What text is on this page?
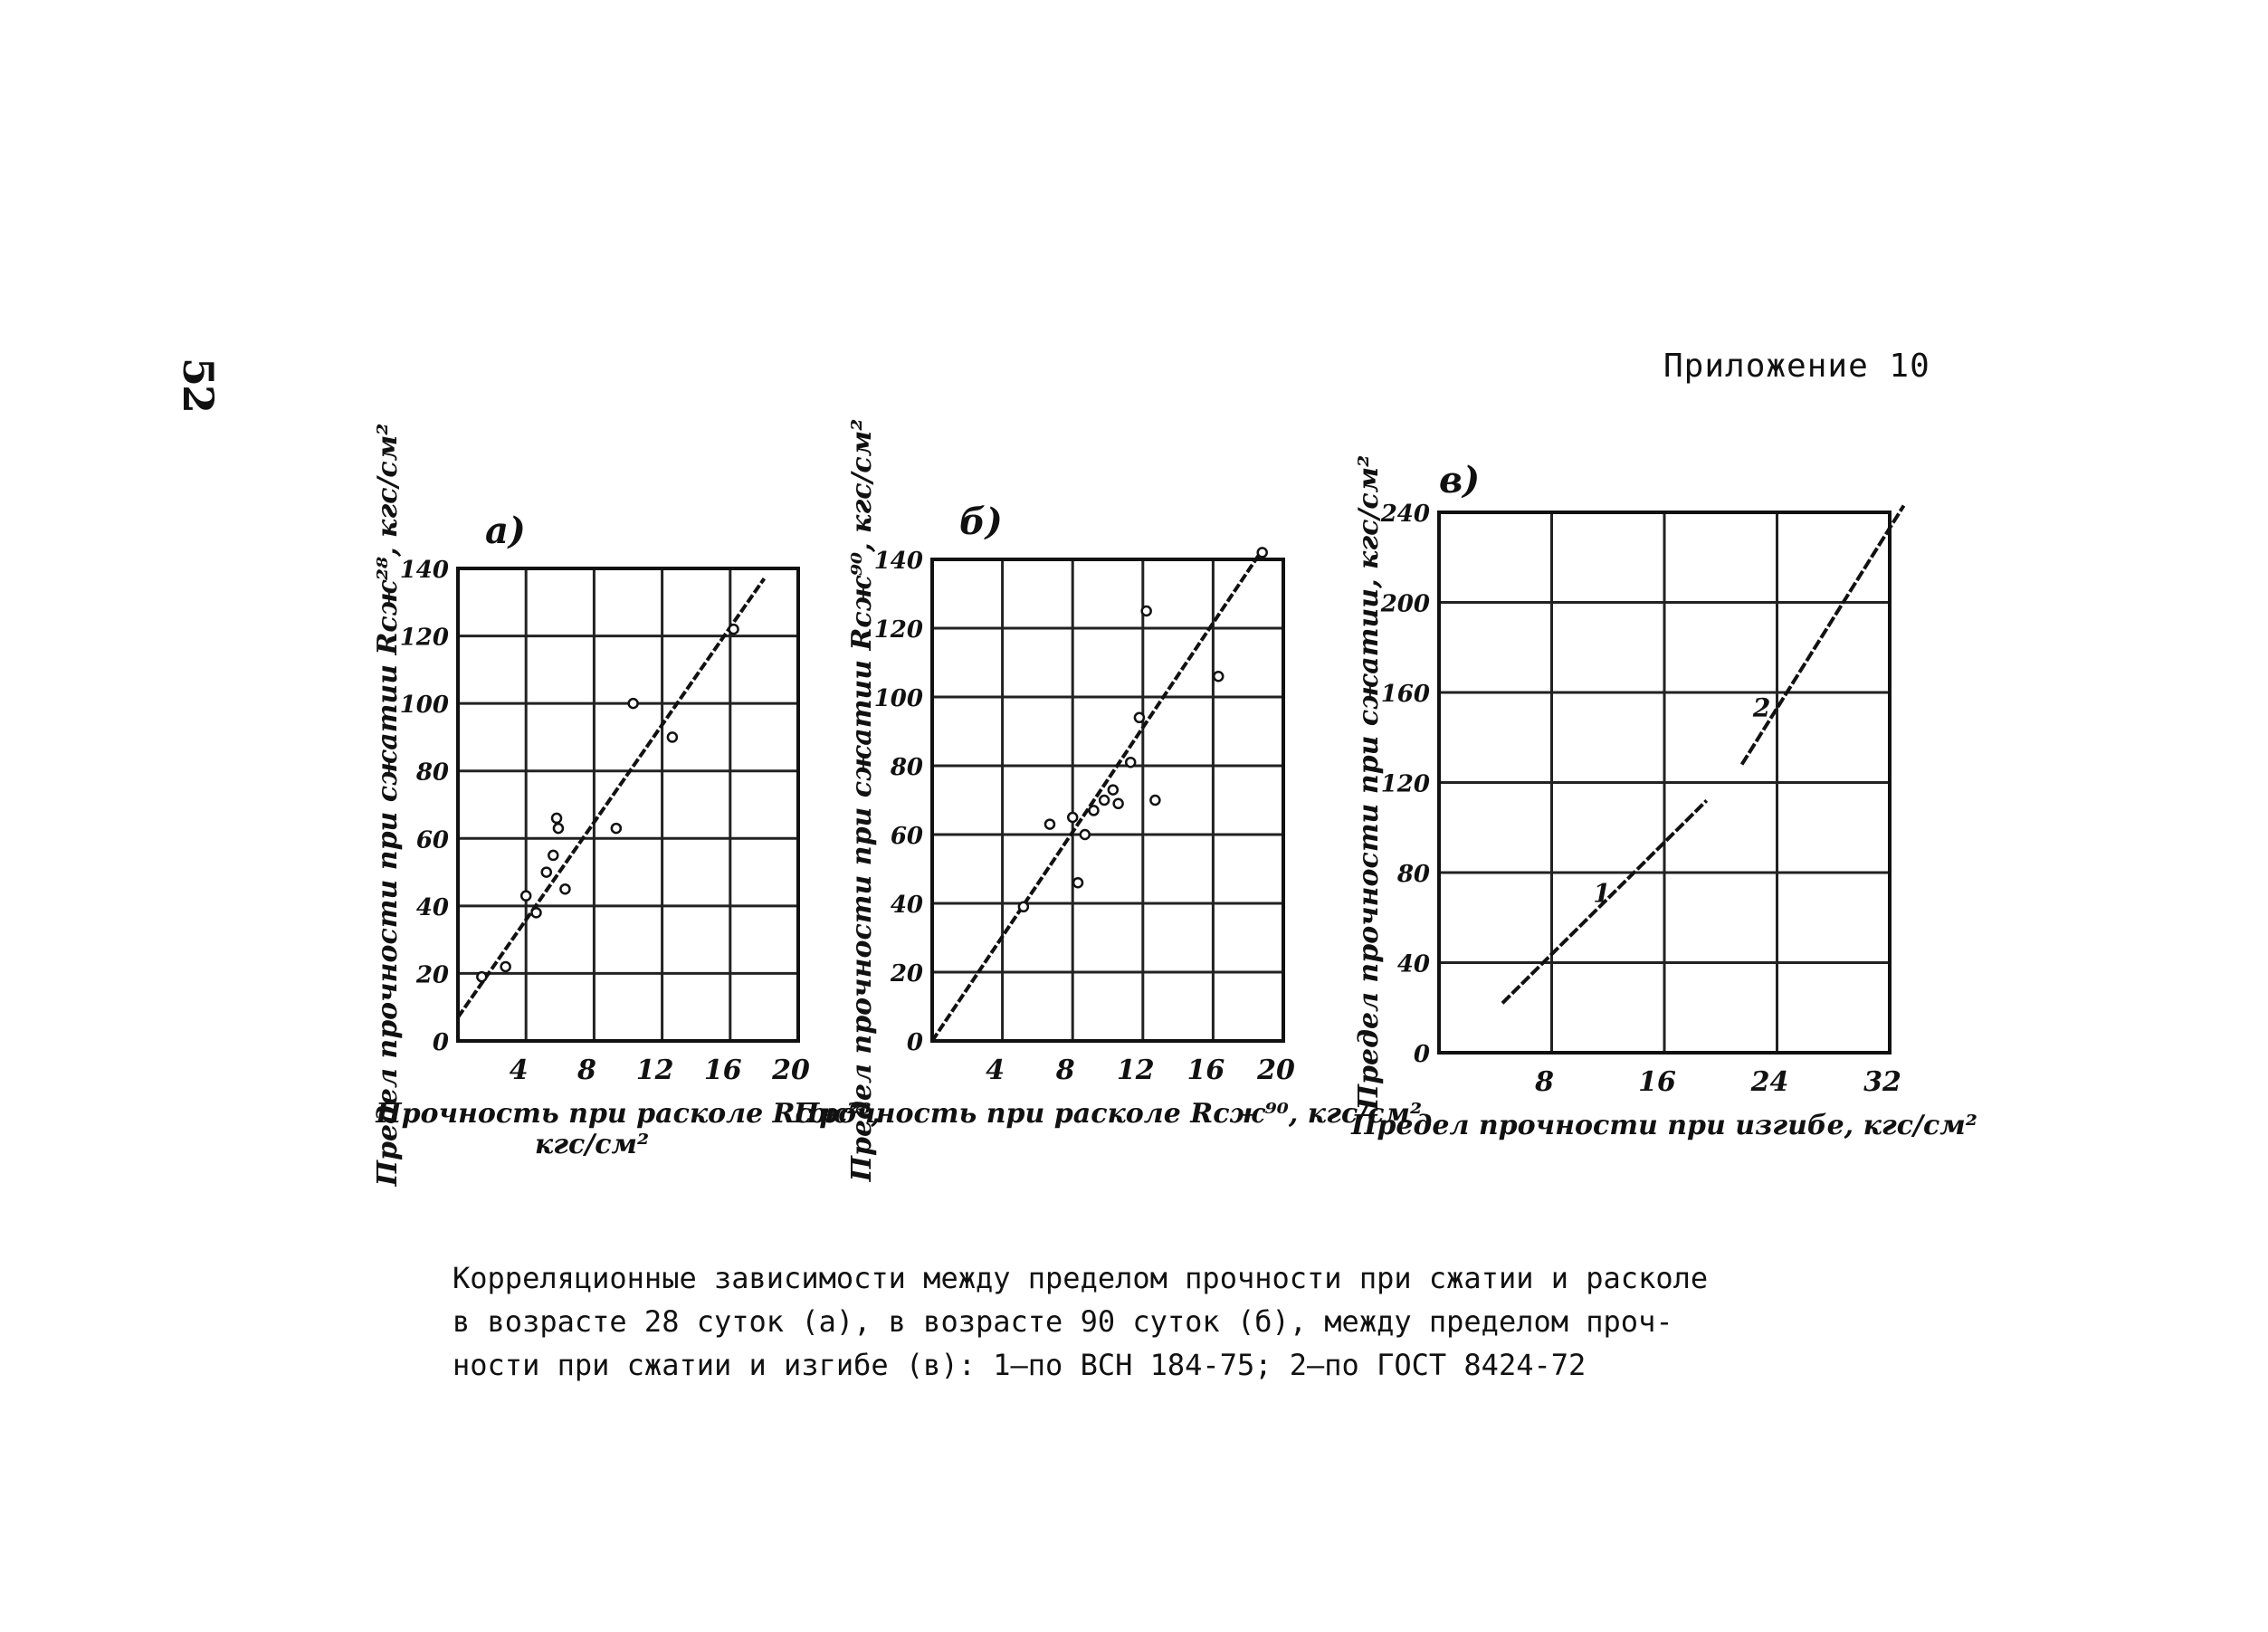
52	Приложение 10
4 8 12 16 20
0
20
40
60
80
100
120
140
а)
Прочность при расколе Rсж²⁸,
кгс/см²
Предел прочности при сжатии Rсж²⁸, кгс/см²	4 8 12 16 20
0
20
40
60
80
100
120
140
б)
Прочность при расколе Rсж⁹⁰, кгс/см²
Предел прочности при сжатии Rсж⁹⁰, кгс/см²	8	16	24	32
0
40
80
120
160
200
240
в)
Предел прочности при изгибе, кгс/см²
Предел прочности при сжатии, кгс/см²	1
2
Корреляционные зависимости между пределом прочности при сжатии и расколе
в возрасте 28 суток (а), в возрасте 90 суток (б), между пределом проч-
ности при сжатии и изгибе (в): 1–по ВСН 184-75; 2–по ГОСТ 8424-72
